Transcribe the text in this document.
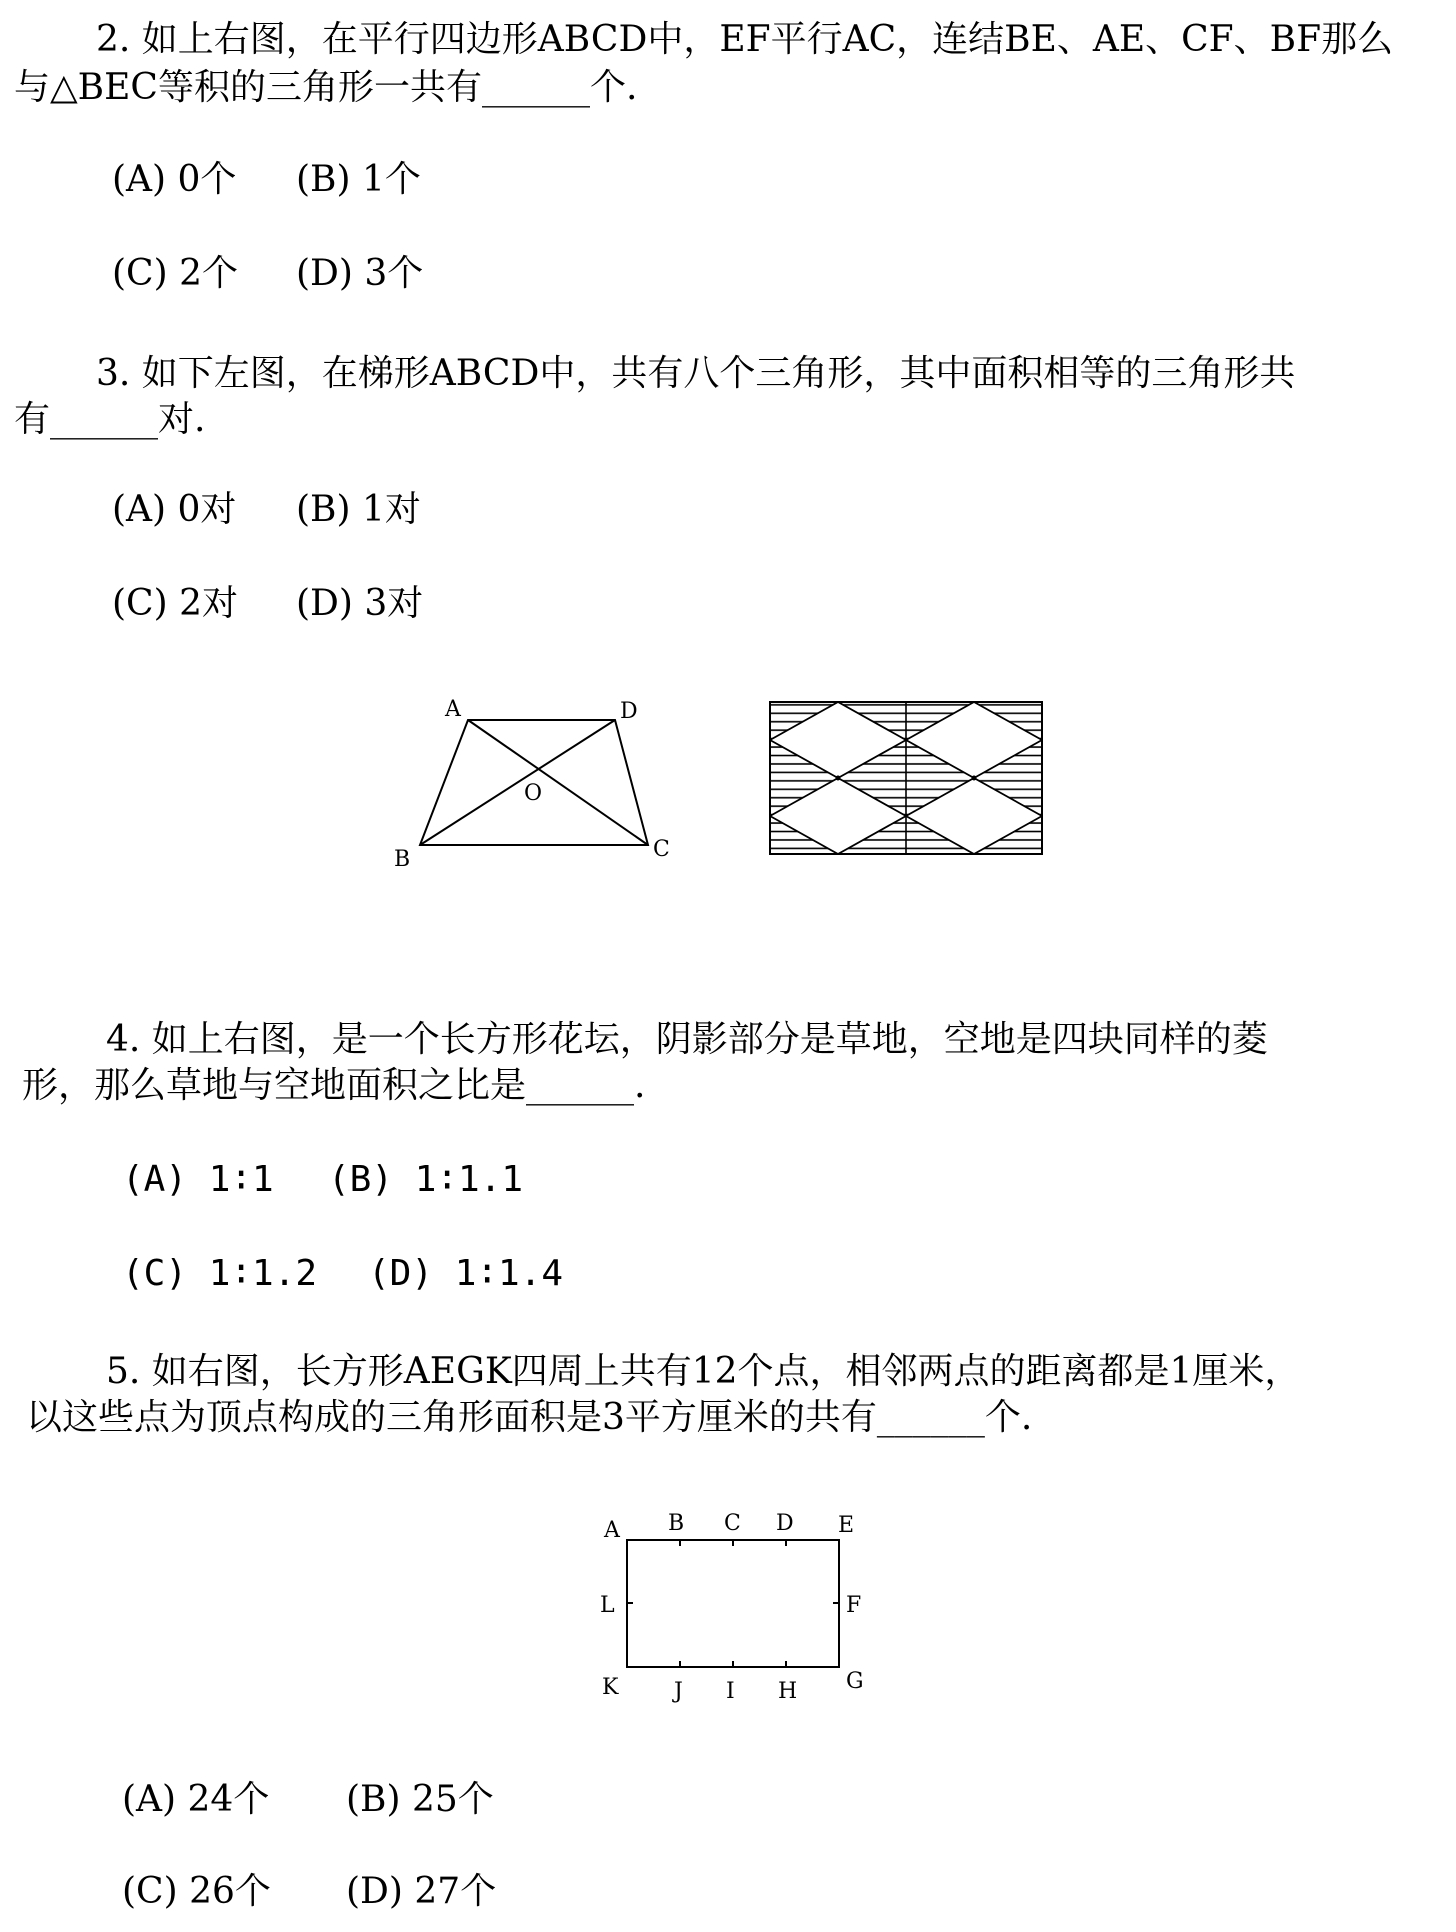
2. 如上右图，在平行四边形ABCD中，EF平行AC，连结BE、AE、CF、BF那么
与△BEC等积的三角形一共有______个.
(A) 0个 (B) 1个
(C) 2个 (D) 3个
3. 如下左图，在梯形ABCD中，共有八个三角形，其中面积相等的三角形共
有______对.
(A) 0对 (B) 1对
(C) 2对 (D) 3对
A	D
O
B	C
4. 如上右图，是一个长方形花坛，阴影部分是草地，空地是四块同样的菱
形，那么草地与空地面积之比是______.
(A) 1∶1 (B) 1∶1.1
(C) 1∶1.2 (D) 1∶1.4
5. 如右图，长方形AEGK四周上共有12个点，相邻两点的距离都是1厘米，
以这些点为顶点构成的三角形面积是3平方厘米的共有______个.
A B C D E
L	F
K	J I H G
(A) 24个 (B) 25个
(C) 26个 (D) 27个
